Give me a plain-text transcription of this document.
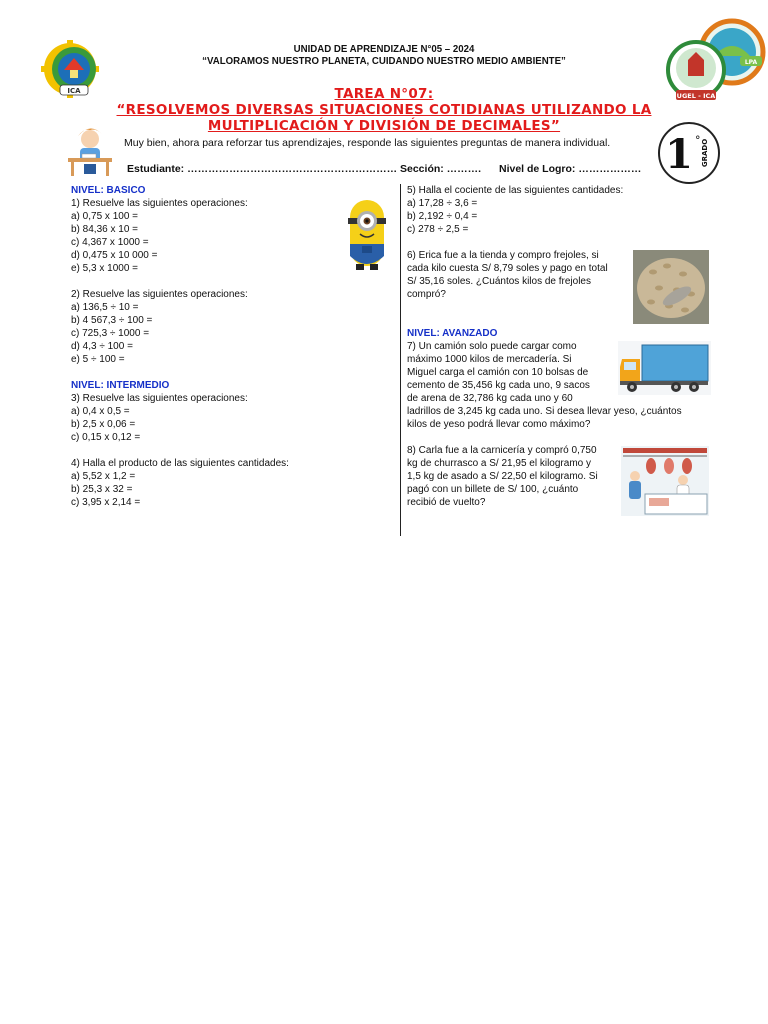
ICA
LPA
UGEL - ICA
UNIDAD DE APRENDIZAJE N°05 – 2024
“VALORAMOS NUESTRO PLANETA, CUIDANDO NUESTRO MEDIO AMBIENTE”
TAREA N°07:
“RESOLVEMOS DIVERSAS SITUACIONES COTIDIANAS UTILIZANDO LA
MULTIPLICACIÓN Y DIVISIÓN DE DECIMALES”
Muy bien, ahora para reforzar tus aprendizajes, responde las siguientes preguntas de manera individual.
Estudiante: …………………………………………………… Sección: ………. Nivel de Logro: ……………… 1 ° GRADO
NIVEL: BASICO
1) Resuelve las siguientes operaciones:
a) 0,75 x 100 =
b) 84,36 x 10 =
c) 4,367 x 1000 =
d) 0,475 x 10 000 =
e) 5,3 x 1000 =
2) Resuelve las siguientes operaciones:
a) 136,5 ÷ 10 =
b) 4 567,3 ÷ 100 =
c) 725,3 ÷ 1000 =
d) 4,3 ÷ 100 =
e) 5 ÷ 100 =
NIVEL: INTERMEDIO
3) Resuelve las siguientes operaciones:
a) 0,4 x 0,5 =
b) 2,5 x 0,06 =
c) 0,15 x 0,12 =
4) Halla el producto de las siguientes cantidades:
a) 5,52 x 1,2 =
b) 25,3 x 32 =
c) 3,95 x 2,14 =
5) Halla el cociente de las siguientes cantidades:
a) 17,28 ÷ 3,6 =
b) 2,192 ÷ 0,4 =
c) 278 ÷ 2,5 =
6) Erica fue a la tienda y compro frejoles, si
cada kilo cuesta S/ 8,79 soles y pago en total
S/ 35,16 soles. ¿Cuántos kilos de frejoles
compró?
NIVEL: AVANZADO
7) Un camión solo puede cargar como
máximo 1000 kilos de mercadería. Si
Miguel carga el camión con 10 bolsas de
cemento de 35,456 kg cada uno, 9 sacos
de arena de 32,786 kg cada uno y 60
ladrillos de 3,245 kg cada uno. Si desea llevar yeso, ¿cuántos
kilos de yeso podrá llevar como máximo?
8) Carla fue a la carnicería y compró 0,750
kg de churrasco a S/ 21,95 el kilogramo y
1,5 kg de asado a S/ 22,50 el kilogramo. Si
pagó con un billete de S/ 100, ¿cuánto
recibió de vuelto?
